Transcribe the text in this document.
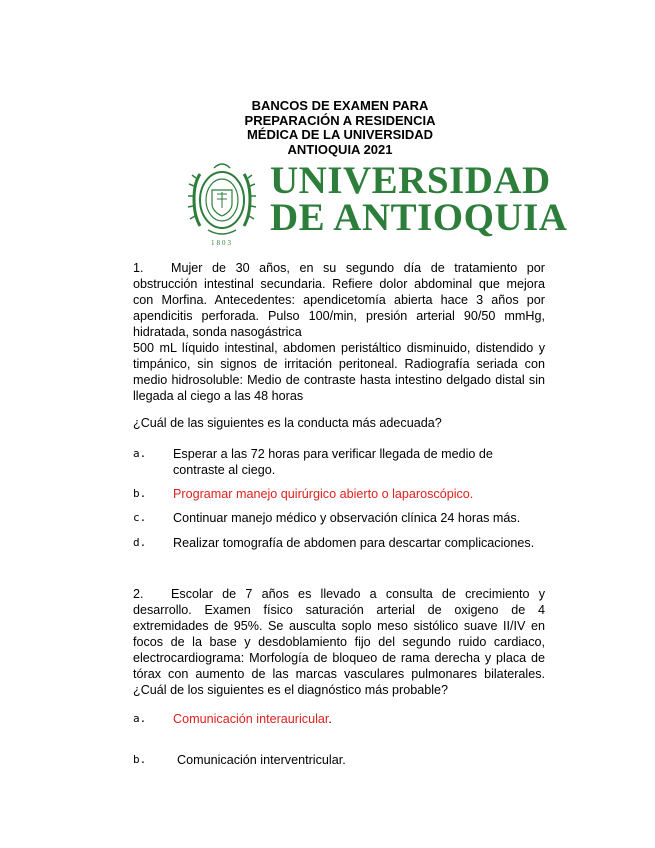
BANCOS DE EXAMEN PARA
PREPARACIÓN A RESIDENCIA
MÉDICA DE LA UNIVERSIDAD
ANTIOQUIA 2021
1803
UNIVERSIDAD
DE ANTIOQUIA

1. Mujer de 30 años, en su segundo día de tratamiento por obstrucción intestinal secundaria. Refiere dolor abdominal que mejora con Morfina. Antecedentes: apendicetomía abierta hace 3 años por apendicitis perforada. Pulso 100/min, presión arterial 90/50 mmHg, hidratada, sonda nasogástrica

500 mL líquido intestinal, abdomen peristáltico disminuido, distendido y timpánico, sin signos de irritación peritoneal. Radiografía seriada con medio hidrosoluble: Medio de contraste hasta intestino delgado distal sin llegada al ciego a las 48 horas

¿Cuál de las siguientes es la conducta más adecuada?
a. Esperar a las 72 horas para verificar llegada de medio de contraste al ciego.
b. Programar manejo quirúrgico abierto o laparoscópico.
c. Continuar manejo médico y observación clínica 24 horas más.
d. Realizar tomografía de abdomen para descartar complicaciones.

2. Escolar de 7 años es llevado a consulta de crecimiento y desarrollo. Examen físico saturación arterial de oxigeno de 4 extremidades de 95%. Se ausculta soplo meso sistólico suave II/IV en focos de la base y desdoblamiento fijo del segundo ruido cardiaco, electrocardiograma: Morfología de bloqueo de rama derecha y placa de tórax con aumento de las marcas vasculares pulmonares bilaterales. ¿Cuál de los siguientes es el diagnóstico más probable?

a. Comunicación interauricular.
b. Comunicación interventricular.
